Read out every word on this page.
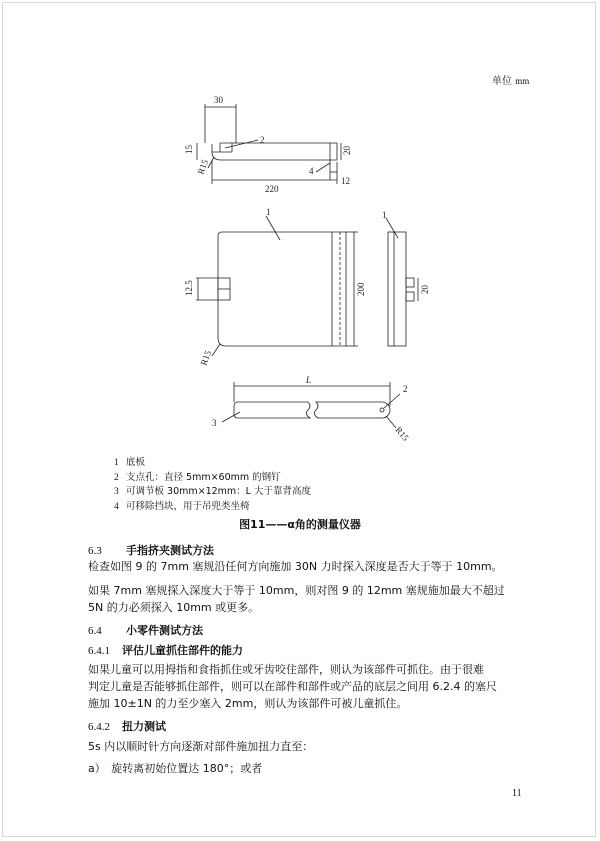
单位 mm
30
15
2
20
4
12
220
R15
1	1
200
12.5	20
R15
L
3
2
R15
1 底板
2 支点孔：直径 5mm×60mm 的钢钉
3 可调节板 30mm×12mm：L 大于靠背高度
4 可移除挡块，用于吊兜类坐椅
图11——α角的测量仪器
6.3 手指挤夹测试方法
检查如图 9 的 7mm 塞规沿任何方向施加 30N 力时探入深度是否大于等于 10mm。
如果 7mm 塞规探入深度大于等于 10mm，则对图 9 的 12mm 塞规施加最大不超过
5N 的力必须探入 10mm 或更多。
6.4 小零件测试方法
6.4.1 评估儿童抓住部件的能力
如果儿童可以用拇指和食指抓住或牙齿咬住部件，则认为该部件可抓住。由于很难
判定儿童是否能够抓住部件，则可以在部件和部件或产品的底层之间用 6.2.4 的塞尺
施加 10±1N 的力至少塞入 2mm，则认为该部件可被儿童抓住。
6.4.2 扭力测试
5s 内以顺时针方向逐渐对部件施加扭力直至：
a）　旋转离初始位置达 180°；或者
11
